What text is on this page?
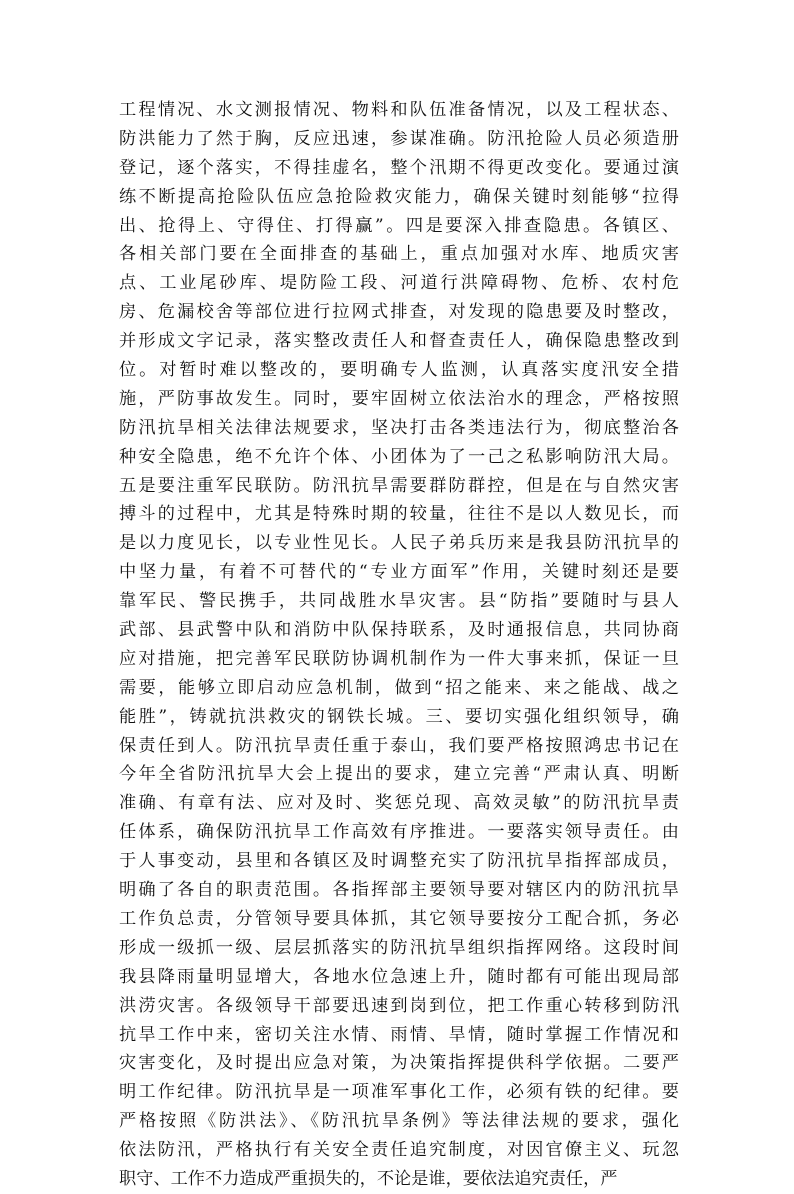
工程情况、水文测报情况、物料和队伍准备情况，以及工程状态、
防洪能力了然于胸，反应迅速，参谋准确。防汛抢险人员必须造册
登记，逐个落实，不得挂虚名，整个汛期不得更改变化。要通过演
练不断提高抢险队伍应急抢险救灾能力，确保关键时刻能够“拉得
出、抢得上、守得住、打得赢”。四是要深入排查隐患。各镇区、
各相关部门要在全面排查的基础上，重点加强对水库、地质灾害
点、工业尾砂库、堤防险工段、河道行洪障碍物、危桥、农村危
房、危漏校舍等部位进行拉网式排查，对发现的隐患要及时整改，
并形成文字记录，落实整改责任人和督查责任人，确保隐患整改到
位。对暂时难以整改的，要明确专人监测，认真落实度汛安全措
施，严防事故发生。同时，要牢固树立依法治水的理念，严格按照
防汛抗旱相关法律法规要求，坚决打击各类违法行为，彻底整治各
种安全隐患，绝不允许个体、小团体为了一己之私影响防汛大局。
五是要注重军民联防。防汛抗旱需要群防群控，但是在与自然灾害
搏斗的过程中，尤其是特殊时期的较量，往往不是以人数见长，而
是以力度见长，以专业性见长。人民子弟兵历来是我县防汛抗旱的
中坚力量，有着不可替代的“专业方面军”作用，关键时刻还是要
靠军民、警民携手，共同战胜水旱灾害。县“防指”要随时与县人
武部、县武警中队和消防中队保持联系，及时通报信息，共同协商
应对措施，把完善军民联防协调机制作为一件大事来抓，保证一旦
需要，能够立即启动应急机制，做到“招之能来、来之能战、战之
能胜”，铸就抗洪救灾的钢铁长城。三、要切实强化组织领导，确
保责任到人。防汛抗旱责任重于泰山，我们要严格按照鸿忠书记在
今年全省防汛抗旱大会上提出的要求，建立完善“严肃认真、明断
准确、有章有法、应对及时、奖惩兑现、高效灵敏”的防汛抗旱责
任体系，确保防汛抗旱工作高效有序推进。一要落实领导责任。由
于人事变动，县里和各镇区及时调整充实了防汛抗旱指挥部成员，
明确了各自的职责范围。各指挥部主要领导要对辖区内的防汛抗旱
工作负总责，分管领导要具体抓，其它领导要按分工配合抓，务必
形成一级抓一级、层层抓落实的防汛抗旱组织指挥网络。这段时间
我县降雨量明显增大，各地水位急速上升，随时都有可能出现局部
洪涝灾害。各级领导干部要迅速到岗到位，把工作重心转移到防汛
抗旱工作中来，密切关注水情、雨情、旱情，随时掌握工作情况和
灾害变化，及时提出应急对策，为决策指挥提供科学依据。二要严
明工作纪律。防汛抗旱是一项准军事化工作，必须有铁的纪律。要
严格按照《防洪法》、《防汛抗旱条例》等法律法规的要求，强化
依法防汛，严格执行有关安全责任追究制度，对因官僚主义、玩忽
职守、工作不力造成严重损失的，不论是谁，要依法追究责任，严
